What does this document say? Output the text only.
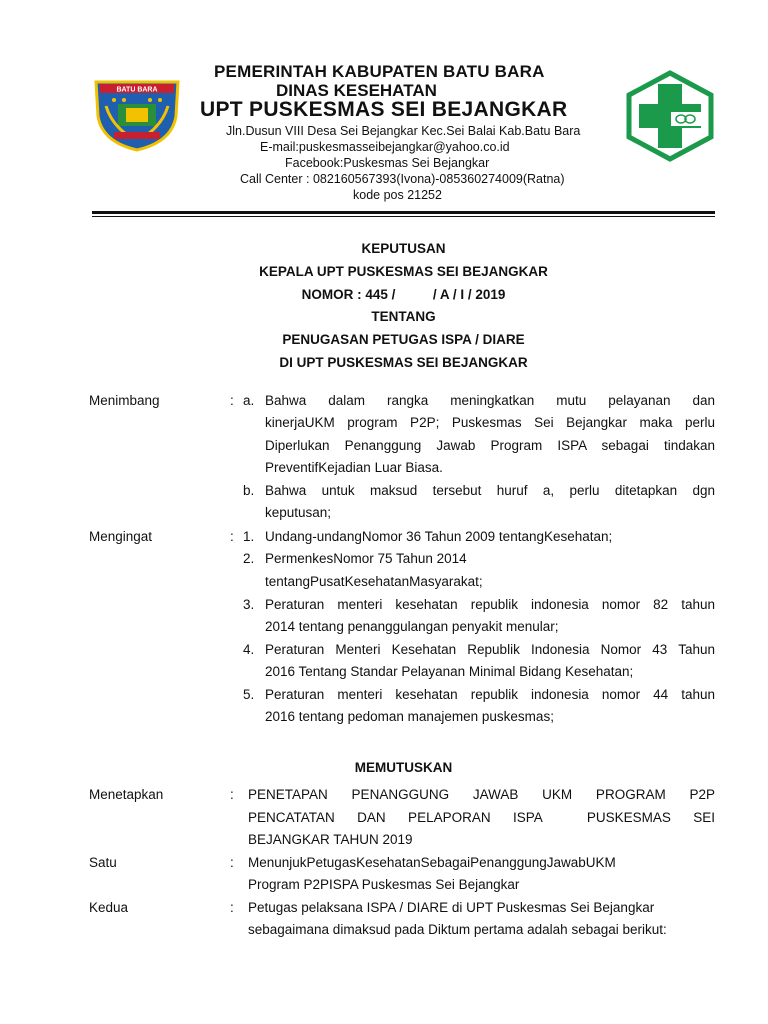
BATU BARA
PEMERINTAH KABUPATEN BATU BARA
DINAS KESEHATAN
UPT PUSKESMAS SEI BEJANGKAR
Jln.Dusun VIII Desa Sei Bejangkar Kec.Sei Balai Kab.Batu Bara
E-mail:puskesmasseibejangkar@yahoo.co.id
Facebook:Puskesmas Sei Bejangkar
Call Center : 082160567393(Ivona)-085360274009(Ratna)
kode pos 21252
KEPUTUSAN
KEPALA UPT PUSKESMAS SEI BEJANGKAR
NOMOR : 445 /          / A / I / 2019
TENTANG
PENUGASAN PETUGAS ISPA / DIARE
DI UPT PUSKESMAS SEI BEJANGKAR
Menimbang	: a. Bahwa dalam rangka meningkatkan mutu pelayanan dan
kinerjaUKM program P2P; Puskesmas Sei Bejangkar maka perlu
Diperlukan Penanggung Jawab Program ISPA sebagai tindakan
PreventifKejadian Luar Biasa.
b. Bahwa untuk maksud tersebut huruf a, perlu ditetapkan dgn
keputusan;
Mengingat	: 1. Undang-undangNomor 36 Tahun 2009 tentangKesehatan;
2. PermenkesNomor 75 Tahun 2014
tentangPusatKesehatanMasyarakat;
3. Peraturan menteri kesehatan republik indonesia nomor 82 tahun
2014 tentang penanggulangan penyakit menular;
4. Peraturan Menteri Kesehatan Republik Indonesia Nomor 43 Tahun
2016 Tentang Standar Pelayanan Minimal Bidang Kesehatan;
5. Peraturan menteri kesehatan republik indonesia nomor 44 tahun
2016 tentang pedoman manajemen puskesmas;
MEMUTUSKAN
Menetapkan	: PENETAPAN PENANGGUNG JAWAB UKM PROGRAM P2P
PENCATATAN DAN PELAPORAN ISPA  PUSKESMAS SEI
BEJANGKAR TAHUN 2019
Satu	: MenunjukPetugasKesehatanSebagaiPenanggungJawabUKM
Program P2PISPA Puskesmas Sei Bejangkar
Kedua	: Petugas pelaksana ISPA / DIARE di UPT Puskesmas Sei Bejangkar
sebagaimana dimaksud pada Diktum pertama adalah sebagai berikut:
